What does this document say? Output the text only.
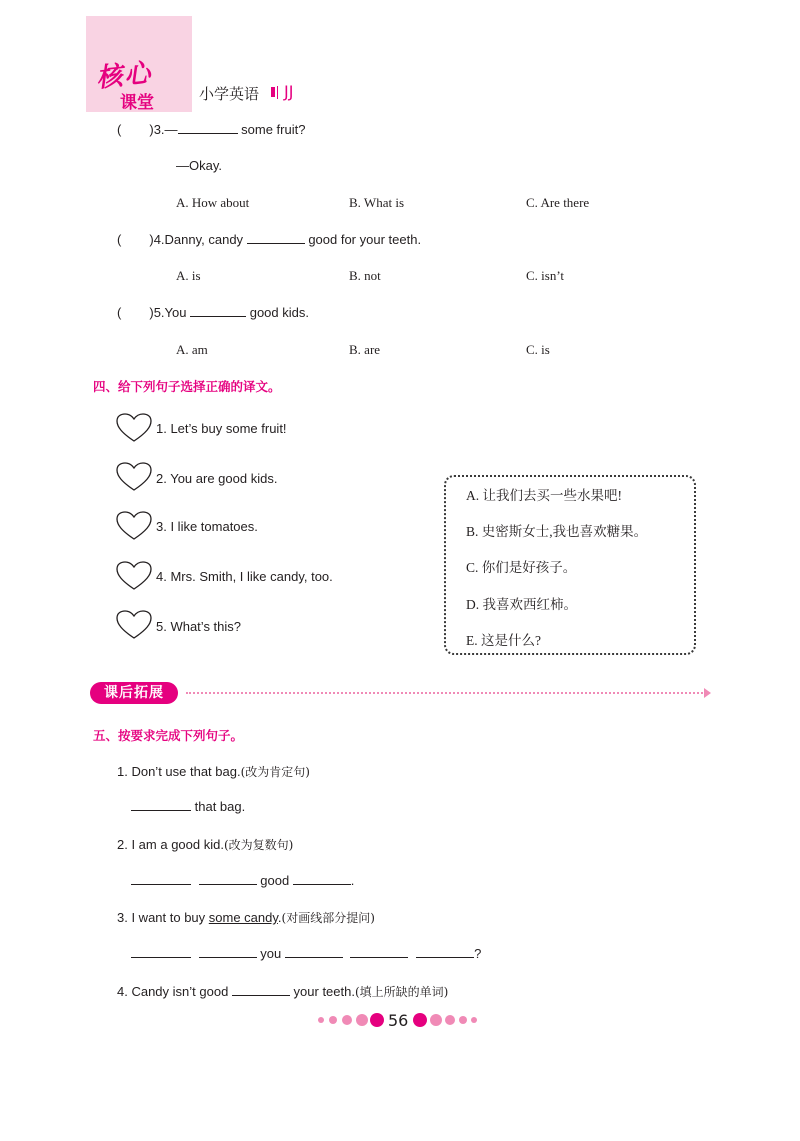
核心
课堂	小学英语 JJ
( )3.—	some fruit?
—Okay.
A. How about	B. What is	C. Are there
( )4.Danny, candy	good for your teeth.
A. is	B. not	C. isn’t
( )5.You	good kids.
A. am	B. are	C. is
四、给下列句子选择正确的译文。
1. Let’s buy some fruit!
2. You are good kids.
3. I like tomatoes.
4. Mrs. Smith, I like candy, too.
5. What’s this?
A. 让我们去买一些水果吧!
B. 史密斯女士,我也喜欢糖果。
C. 你们是好孩子。
D. 我喜欢西红柿。
E. 这是什么?
课后拓展
五、按要求完成下列句子。
1. Don’t use that bag.(改为肯定句)
that bag.
2. I am a good kid.(改为复数句)
good	.
3. I want to buy some candy.(对画线部分提问)
you	?
4. Candy isn’t good	your teeth.(填上所缺的单词)
56
